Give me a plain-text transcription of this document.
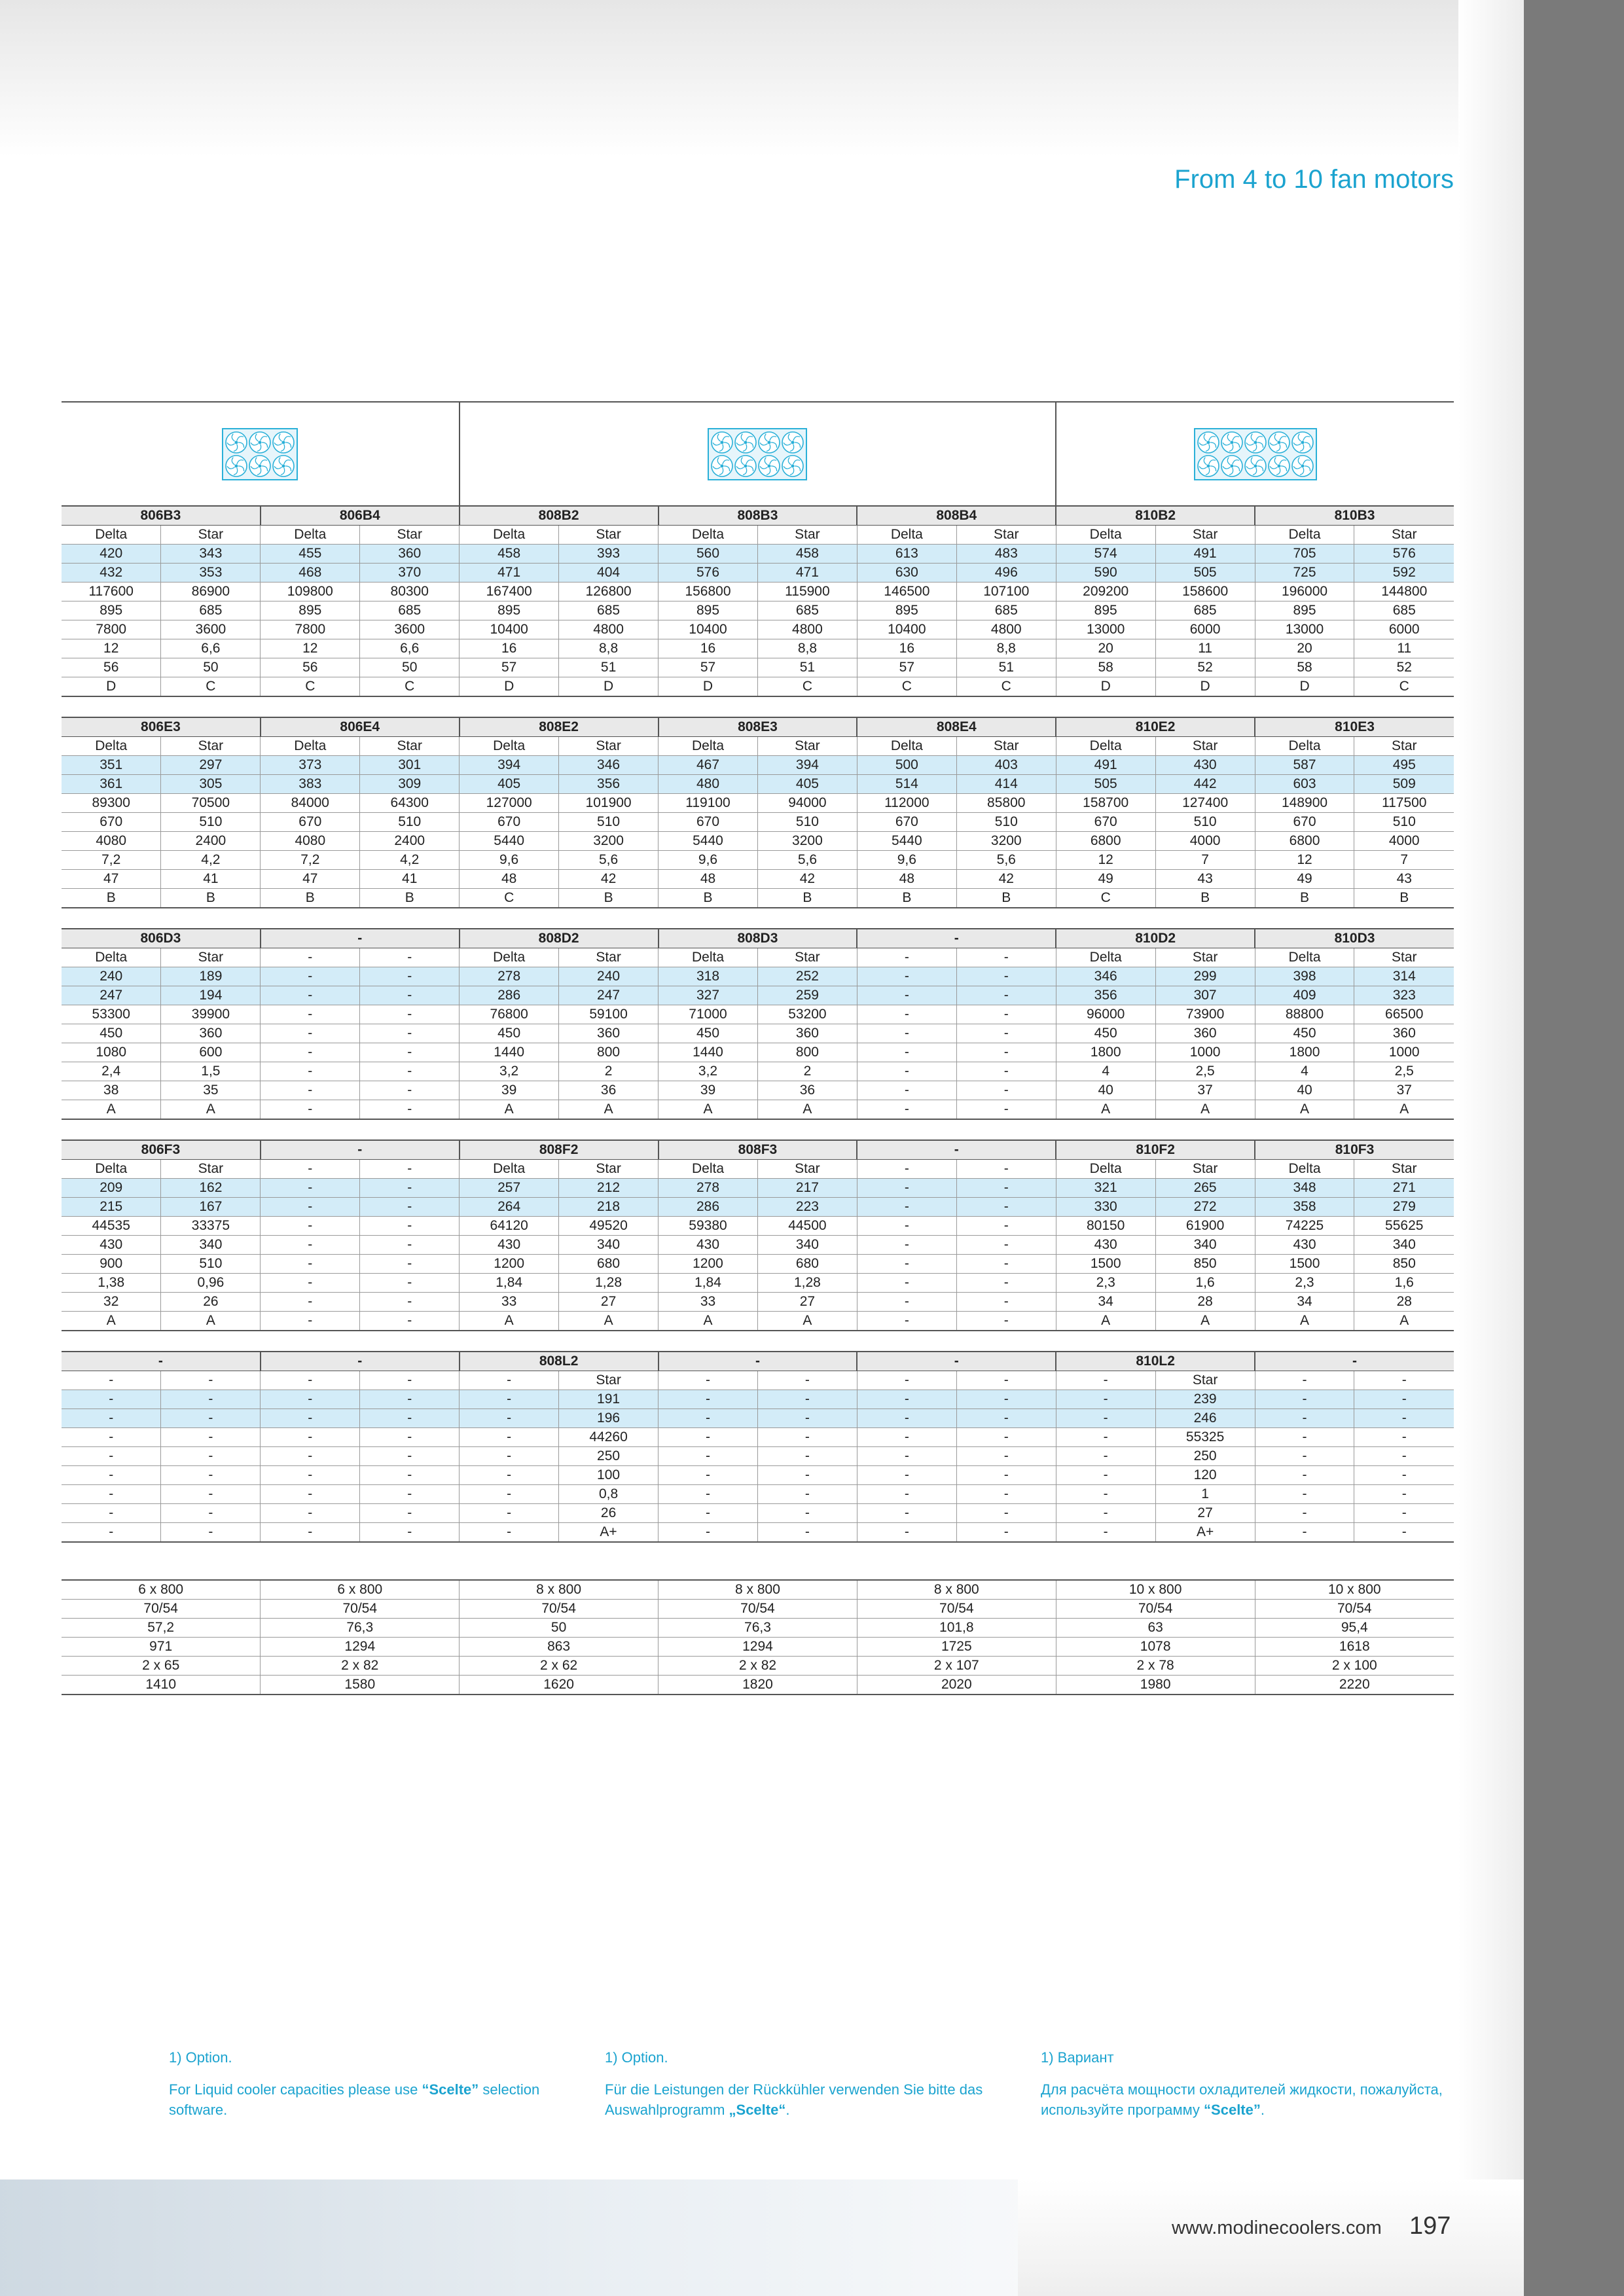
From 4 to 10 fan motors

806B3		806B4		808B2		808B3		808B4		810B2		810B3	
Delta	Star	Delta	Star	Delta	Star	Delta	Star	Delta	Star	Delta	Star	Delta	Star
420	343	455	360	458	393	560	458	613	483	574	491	705	576
432	353	468	370	471	404	576	471	630	496	590	505	725	592
117600	86900	109800	80300	167400	126800	156800	115900	146500	107100	209200	158600	196000	144800
895	685	895	685	895	685	895	685	895	685	895	685	895	685
7800	3600	7800	3600	10400	4800	10400	4800	10400	4800	13000	6000	13000	6000
12	6,6	12	6,6	16	8,8	16	8,8	16	8,8	20	11	20	11
56	50	56	50	57	51	57	51	57	51	58	52	58	52
D	C	C	C	D	D	D	C	C	C	D	D	D	C

806E3		806E4		808E2		808E3		808E4		810E2		810E3	
Delta	Star	Delta	Star	Delta	Star	Delta	Star	Delta	Star	Delta	Star	Delta	Star
351	297	373	301	394	346	467	394	500	403	491	430	587	495
361	305	383	309	405	356	480	405	514	414	505	442	603	509
89300	70500	84000	64300	127000	101900	119100	94000	112000	85800	158700	127400	148900	117500
670	510	670	510	670	510	670	510	670	510	670	510	670	510
4080	2400	4080	2400	5440	3200	5440	3200	5440	3200	6800	4000	6800	4000
7,2	4,2	7,2	4,2	9,6	5,6	9,6	5,6	9,6	5,6	12	7	12	7
47	41	47	41	48	42	48	42	48	42	49	43	49	43
B	B	B	B	C	B	B	B	B	B	C	B	B	B

806D3		-		808D2		808D3		-		810D2		810D3	
Delta	Star	-	-	Delta	Star	Delta	Star	-	-	Delta	Star	Delta	Star
240	189	-	-	278	240	318	252	-	-	346	299	398	314
247	194	-	-	286	247	327	259	-	-	356	307	409	323
53300	39900	-	-	76800	59100	71000	53200	-	-	96000	73900	88800	66500
450	360	-	-	450	360	450	360	-	-	450	360	450	360
1080	600	-	-	1440	800	1440	800	-	-	1800	1000	1800	1000
2,4	1,5	-	-	3,2	2	3,2	2	-	-	4	2,5	4	2,5
38	35	-	-	39	36	39	36	-	-	40	37	40	37
A	A	-	-	A	A	A	A	-	-	A	A	A	A

806F3		-		808F2		808F3		-		810F2		810F3	
Delta	Star	-	-	Delta	Star	Delta	Star	-	-	Delta	Star	Delta	Star
209	162	-	-	257	212	278	217	-	-	321	265	348	271
215	167	-	-	264	218	286	223	-	-	330	272	358	279
44535	33375	-	-	64120	49520	59380	44500	-	-	80150	61900	74225	55625
430	340	-	-	430	340	430	340	-	-	430	340	430	340
900	510	-	-	1200	680	1200	680	-	-	1500	850	1500	850
1,38	0,96	-	-	1,84	1,28	1,84	1,28	-	-	2,3	1,6	2,3	1,6
32	26	-	-	33	27	33	27	-	-	34	28	34	28
A	A	-	-	A	A	A	A	-	-	A	A	A	A

-		-		808L2		-		-		810L2		-	
-	-	-	-	-	Star	-	-	-	-	-	Star	-	-
-	-	-	-	-	191	-	-	-	-	-	239	-	-
-	-	-	-	-	196	-	-	-	-	-	246	-	-
-	-	-	-	-	44260	-	-	-	-	-	55325	-	-
-	-	-	-	-	250	-	-	-	-	-	250	-	-
-	-	-	-	-	100	-	-	-	-	-	120	-	-
-	-	-	-	-	0,8	-	-	-	-	-	1	-	-
-	-	-	-	-	26	-	-	-	-	-	27	-	-
-	-	-	-	-	A+	-	-	-	-	-	A+	-	-

6 x 800		6 x 800		8 x 800		8 x 800		8 x 800		10 x 800		10 x 800	
70/54		70/54		70/54		70/54		70/54		70/54		70/54	
57,2		76,3		50		76,3		101,8		63		95,4	
971		1294		863		1294		1725		1078		1618	
2 x 65		2 x 82		2 x 62		2 x 82		2 x 107		2 x 78		2 x 100	
1410		1580		1620		1820		2020		1980		2220	
1) Option.
For Liquid cooler capacities please use “Scelte” selection software.
1) Option.
Für die Leistungen der Rückkühler verwenden Sie bitte das Auswahlprogramm „Scelte“.
1) Вариант
Для расчёта мощности охладителей жидкости, пожалуйста, используйте программу “Scelte”.
www.modinecoolers.com 197
